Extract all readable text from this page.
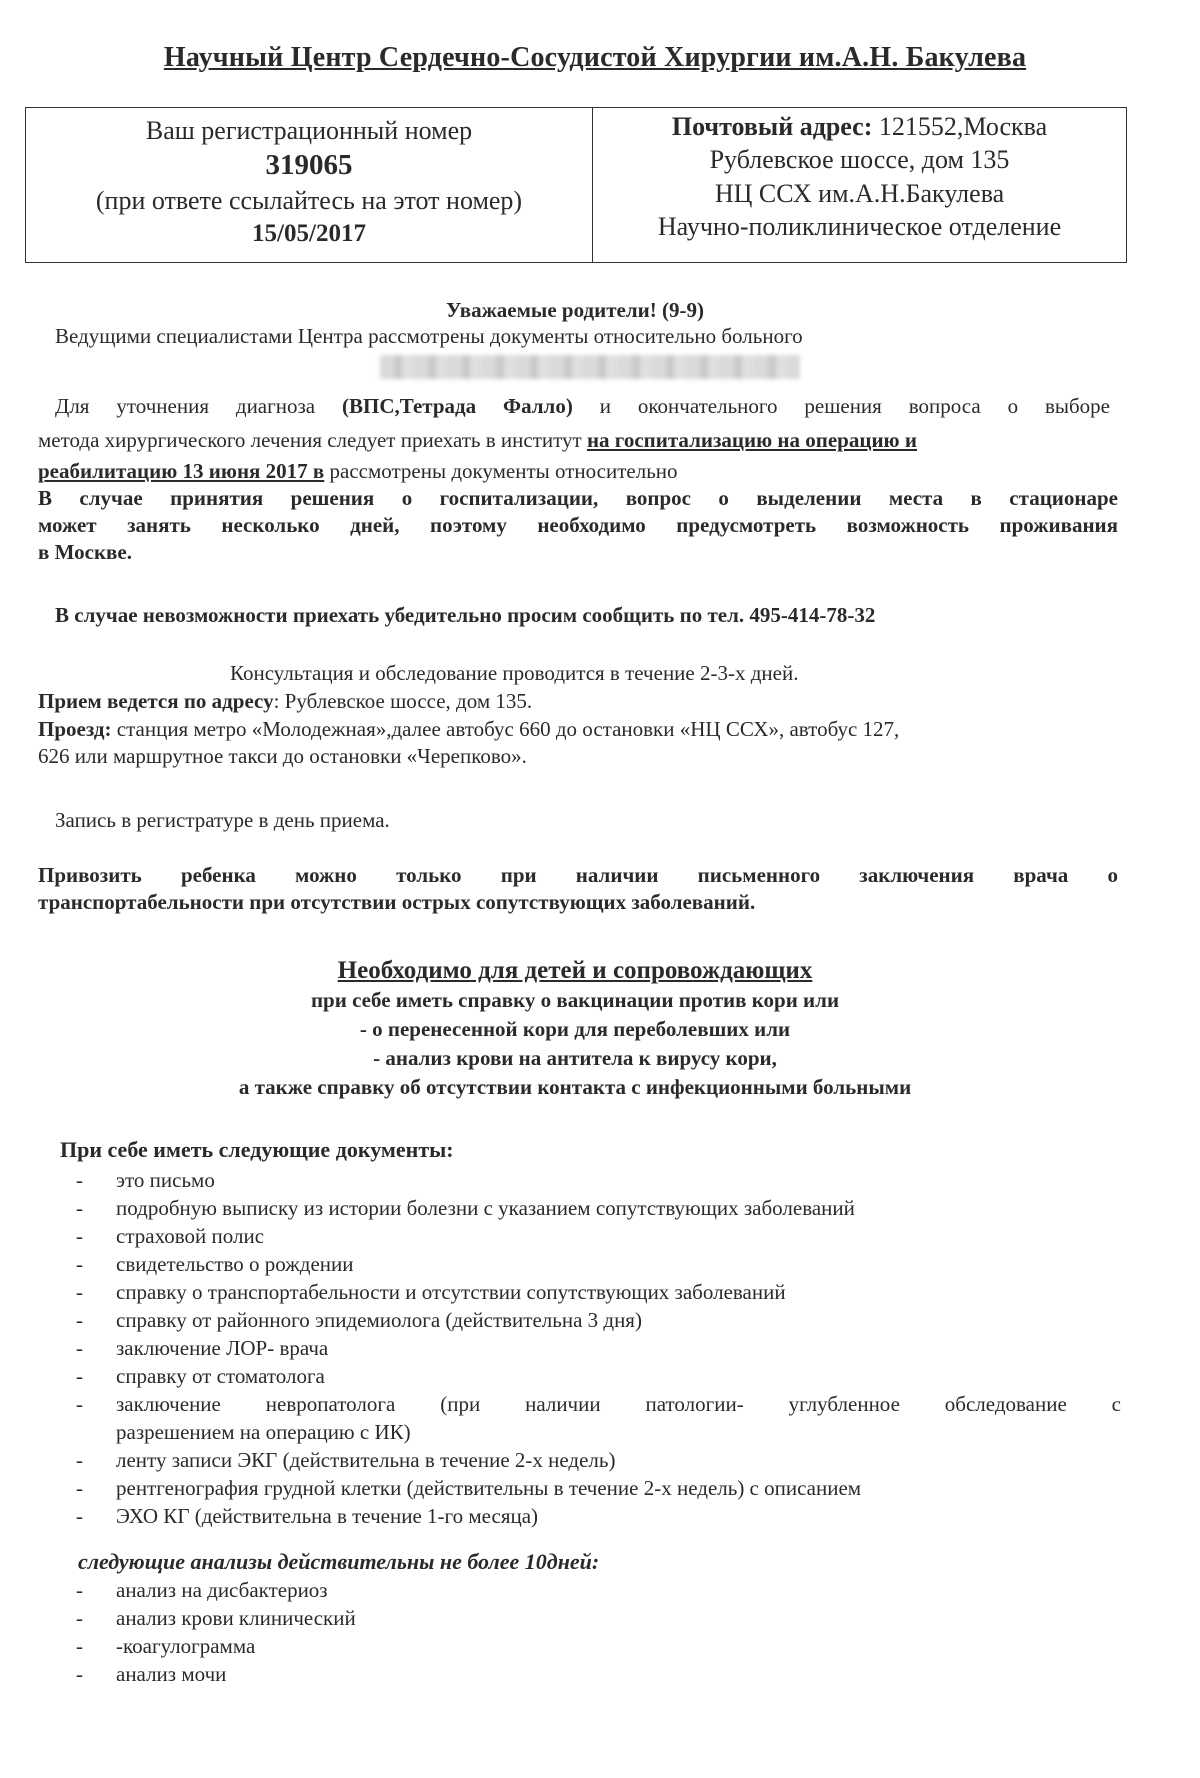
Научный Центр Сердечно-Сосудистой Хирургии им.А.Н. Бакулева
Ваш регистрационный номер
319065
(при ответе ссылайтесь на этот номер)
15/05/2017
Почтовый адрес: 121552,Москва
Рублевское шоссе, дом 135
НЦ ССХ им.А.Н.Бакулева
Научно-поликлиническое отделение
Уважаемые родители! (9-9)
Ведущими специалистами Центра рассмотрены документы относительно больного
Для уточнения диагноза (ВПС,Тетрада Фалло) и окончательного решения вопроса о выборе
метода хирургического лечения следует приехать в институт на госпитализацию на операцию и
реабилитацию 13 июня 2017 в рассмотрены документы относительно
В случае принятия решения о госпитализации, вопрос о выделении места в стационаре
может занять несколько дней, поэтому необходимо предусмотреть возможность проживания
в Москве.
В случае невозможности приехать убедительно просим сообщить по тел. 495-414-78-32
Консультация и обследование проводится в течение 2-3-х дней.
Прием ведется по адресу: Рублевское шоссе, дом 135.
Проезд: станция метро «Молодежная»,далее автобус 660 до остановки «НЦ ССХ», автобус 127,
626 или маршрутное такси до остановки «Черепково».
Запись в регистратуре в день приема.
Привозить ребенка можно только при наличии письменного заключения врача о
транспортабельности при отсутствии острых сопутствующих заболеваний.
Необходимо для детей и сопровождающих
при себе иметь справку о вакцинации против кори или
- о перенесенной кори для переболевших или
- анализ крови на антитела к вирусу кори,
а также справку об отсутствии контакта с инфекционными больными
При себе иметь следующие документы:
- это письмо
- подробную выписку из истории болезни с указанием сопутствующих заболеваний
- страховой полис
- свидетельство о рождении
- справку о транспортабельности и отсутствии сопутствующих заболеваний
- справку от районного эпидемиолога (действительна 3 дня)
- заключение ЛОР- врача
- справку от стоматолога
- заключение невропатолога (при наличии патологии- углубленное обследование с
разрешением на операцию с ИК)
- ленту записи ЭКГ (действительна в течение 2-х недель)
- рентгенография грудной клетки (действительны в течение 2-х недель) с описанием
- ЭХО КГ (действительна в течение 1-го месяца)
следующие анализы действительны не более 10дней:
- анализ на дисбактериоз
- анализ крови клинический
- -коагулограмма
- анализ мочи
